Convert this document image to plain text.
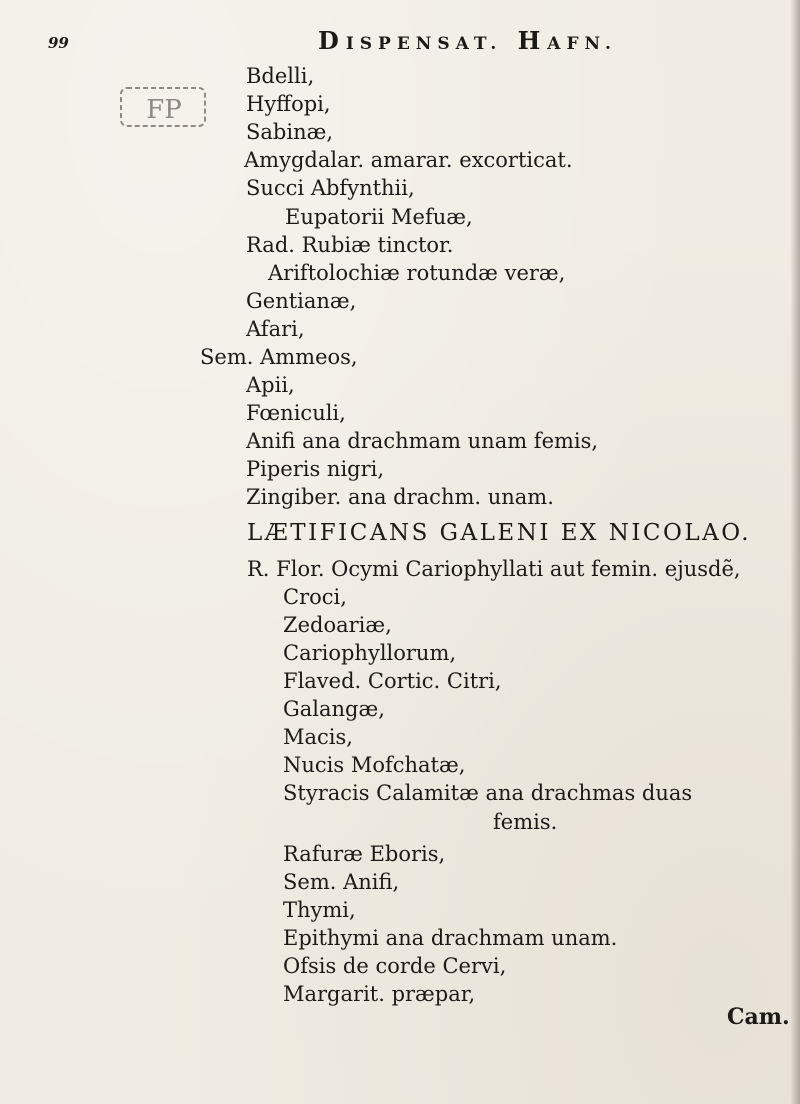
99	DISPENSAT. HAFN.
FP
Bdelli,
Hyffopi,
Sabinæ,
Amygdalar. amarar. excorticat.
Succi Abfynthii,
Eupatorii Mefuæ,
Rad. Rubiæ tinctor.
Ariftolochiæ rotundæ veræ,
Gentianæ,
Afari,
Sem. Ammeos,
Apii,
Fœniculi,
Anifi ana drachmam unam femis,
Piperis nigri,
Zingiber. ana drachm. unam.
LÆTIFICANS GALENI EX NICOLAO.
R. Flor. Ocymi Cariophyllati aut femin. ejusdẽ,
Croci,
Zedoariæ,
Cariophyllorum,
Flaved. Cortic. Citri,
Galangæ,
Macis,
Nucis Mofchatæ,
Styracis Calamitæ ana drachmas duas
femis.
Rafuræ Eboris,
Sem. Anifi,
Thymi,
Epithymi ana drachmam unam.
Ofsis de corde Cervi,
Margarit. præpar,
Cam.
